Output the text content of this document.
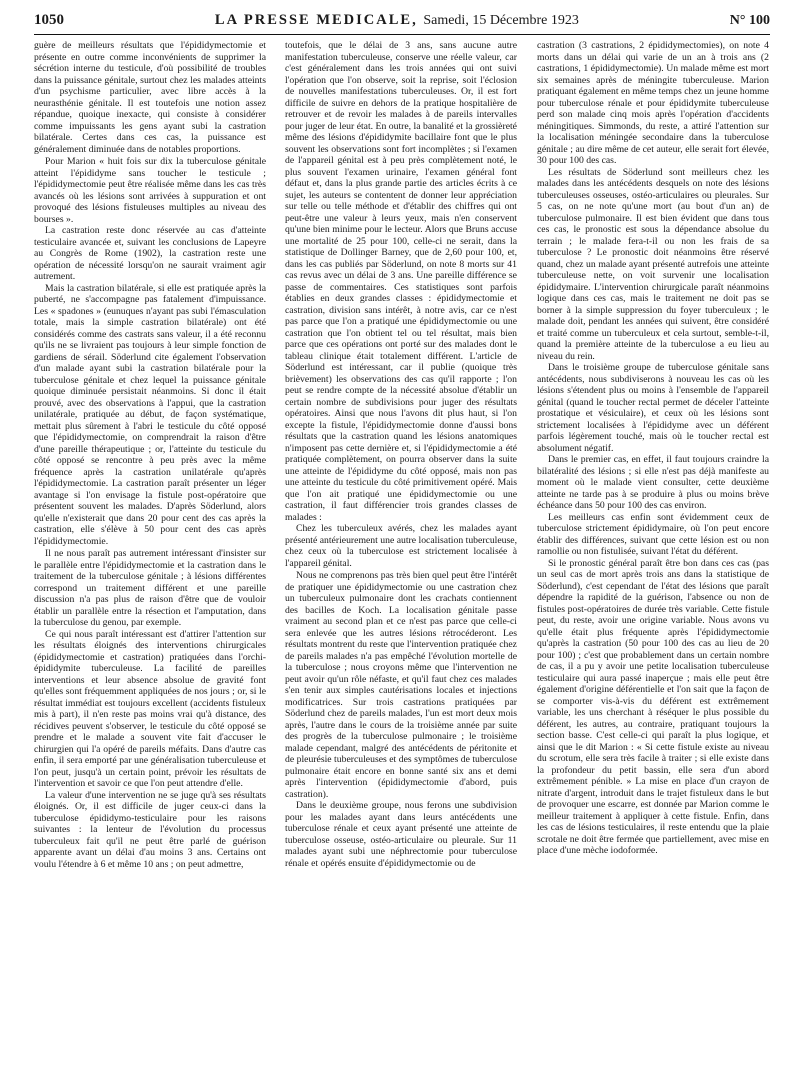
1050	LA PRESSE MEDICALE, Samedi, 15 Décembre 1923	N° 100

guère de meilleurs résultats que l'épididymectomie et présente en outre comme inconvénients de supprimer la sécrétion interne du testicule, d'où possibilité de troubles dans la puissance génitale, surtout chez les malades atteints d'un psychisme particulier, avec libre accès à la neurasthénie génitale. Il est toutefois une notion assez répandue, quoique inexacte, qui consiste à considérer comme impuissants les gens ayant subi la castration bilatérale. Certes dans ces cas, la puissance est généralement diminuée dans de notables proportions.

Pour Marion « huit fois sur dix la tuberculose génitale atteint l'épididyme sans toucher le testicule ; l'épididymectomie peut être réalisée même dans les cas très avancés où les lésions sont arrivées à suppuration et ont provoqué des lésions fistuleuses multiples au niveau des bourses ».

La castration reste donc réservée au cas d'atteinte testiculaire avancée et, suivant les conclusions de Lapeyre au Congrès de Rome (1902), la castration reste une opération de nécessité lorsqu'on ne saurait vraiment agir autrement.

Mais la castration bilatérale, si elle est pratiquée après la puberté, ne s'accompagne pas fatalement d'impuissance. Les « spadones » (eunuques n'ayant pas subi l'émasculation totale, mais la simple castration bilatérale) ont été considérés comme des castrats sans valeur, il a été reconnu qu'ils ne se livraient pas toujours à leur simple fonction de gardiens de sérail. Söderlund cite également l'observation d'un malade ayant subi la castration bilatérale pour la tuberculose génitale et chez lequel la puissance génitale quoique diminuée persistait néanmoins. Si donc il était prouvé, avec des observations à l'appui, que la castration unilatérale, pratiquée au début, de façon systématique, mettait plus sûrement à l'abri le testicule du côté opposé que l'épididymectomie, on comprendrait la raison d'être d'une pareille thérapeutique ; or, l'atteinte du testicule du côté opposé se rencontre à peu près avec la même fréquence après la castration unilatérale qu'après l'épididymectomie. La castration paraît présenter un léger avantage si l'on envisage la fistule post-opératoire que présentent souvent les malades. D'après Söderlund, alors qu'elle n'existerait que dans 20 pour cent des cas après la castration, elle s'élève à 50 pour cent des cas après l'épididymectomie.

Il ne nous paraît pas autrement intéressant d'insister sur le parallèle entre l'épididymectomie et la castration dans le traitement de la tuberculose génitale ; à lésions différentes correspond un traitement différent et une pareille discussion n'a pas plus de raison d'être que de vouloir établir un parallèle entre la résection et l'amputation, dans la tuberculose du genou, par exemple.

Ce qui nous paraît intéressant est d'attirer l'attention sur les résultats éloignés des interventions chirurgicales (épididymectomie et castration) pratiquées dans l'orchi-épididymite tuberculeuse. La facilité de pareilles interventions et leur absence absolue de gravité font qu'elles sont fréquemment appliquées de nos jours ; or, si le résultat immédiat est toujours excellent (accidents fistuleux mis à part), il n'en reste pas moins vrai qu'à distance, des récidives peuvent s'observer, le testicule du côté opposé se prendre et le malade a souvent vite fait d'accuser le chirurgien qui l'a opéré de pareils méfaits. Dans d'autre cas enfin, il sera emporté par une généralisation tuberculeuse et l'on peut, jusqu'à un certain point, prévoir les résultats de l'intervention et savoir ce que l'on peut attendre d'elle.

La valeur d'une intervention ne se juge qu'à ses résultats éloignés. Or, il est difficile de juger ceux-ci dans la tuberculose épididymo-testiculaire pour les raisons suivantes : la lenteur de l'évolution du processus tuberculeux fait qu'il ne peut être parlé de guérison apparente avant un délai d'au moins 3 ans. Certains ont voulu l'étendre à 6 et même 10 ans ; on peut admettre,

toutefois, que le délai de 3 ans, sans aucune autre manifestation tuberculeuse, conserve une réelle valeur, car c'est généralement dans les trois années qui ont suivi l'opération que l'on observe, soit la reprise, soit l'éclosion de nouvelles manifestations tuberculeuses. Or, il est fort difficile de suivre en dehors de la pratique hospitalière de retrouver et de revoir les malades à de pareils intervalles pour juger de leur état. En outre, la banalité et la grossièreté même des lésions d'épididymite bacillaire font que le plus souvent les observations sont fort incomplètes ; si l'examen de l'appareil génital est à peu près complètement noté, le plus souvent l'examen urinaire, l'examen général font défaut et, dans la plus grande partie des articles écrits à ce sujet, les auteurs se contentent de donner leur appréciation sur telle ou telle méthode et d'établir des chiffres qui ont peut-être une valeur à leurs yeux, mais n'en conservent qu'une bien minime pour le lecteur. Alors que Bruns accuse une mortalité de 25 pour 100, celle-ci ne serait, dans la statistique de Dollinger Barney, que de 2,60 pour 100, et, dans les cas publiés par Söderlund, on note 8 morts sur 41 cas revus avec un délai de 3 ans. Une pareille différence se passe de commentaires. Ces statistiques sont parfois établies en deux grandes classes : épididymectomie et castration, division sans intérêt, à notre avis, car ce n'est pas parce que l'on a pratiqué une épididymectomie ou une castration que l'on obtient tel ou tel résultat, mais bien parce que ces opérations ont porté sur des malades dont le tableau clinique était totalement différent. L'article de Söderlund est intéressant, car il publie (quoique très brièvement) les observations des cas qu'il rapporte ; l'on peut se rendre compte de la nécessité absolue d'établir un certain nombre de subdivisions pour juger des résultats opératoires. Ainsi que nous l'avons dit plus haut, si l'on excepte la fistule, l'épididymectomie donne d'aussi bons résultats que la castration quand les lésions anatomiques n'imposent pas cette dernière et, si l'épididymectomie a été pratiquée complètement, on pourra observer dans la suite une atteinte de l'épididyme du côté opposé, mais non pas une atteinte du testicule du côté primitivement opéré. Mais que l'on ait pratiqué une épididymectomie ou une castration, il faut différencier trois grandes classes de malades :

Chez les tuberculeux avérés, chez les malades ayant présenté antérieurement une autre localisation tuberculeuse, chez ceux où la tuberculose est strictement localisée à l'appareil génital.

Nous ne comprenons pas très bien quel peut être l'intérêt de pratiquer une épididymectomie ou une castration chez un tuberculeux pulmonaire dont les crachats contiennent des bacilles de Koch. La localisation génitale passe vraiment au second plan et ce n'est pas parce que celle-ci sera enlevée que les autres lésions rétrocéderont. Les résultats montrent du reste que l'intervention pratiquée chez de pareils malades n'a pas empêché l'évolution mortelle de la tuberculose ; nous croyons même que l'intervention ne peut avoir qu'un rôle néfaste, et qu'il faut chez ces malades s'en tenir aux simples cautérisations locales et injections modificatrices. Sur trois castrations pratiquées par Söderlund chez de pareils malades, l'un est mort deux mois après, l'autre dans le cours de la troisième année par suite des progrès de la tuberculose pulmonaire ; le troisième malade cependant, malgré des antécédents de péritonite et de pleurésie tuberculeuses et des symptômes de tuberculose pulmonaire était encore en bonne santé six ans et demi après l'intervention (épididymectomie d'abord, puis castration).

Dans le deuxième groupe, nous ferons une subdivision pour les malades ayant dans leurs antécédents une tuberculose rénale et ceux ayant présenté une atteinte de tuberculose osseuse, ostéo-articulaire ou pleurale. Sur 11 malades ayant subi une néphrectomie pour tuberculose rénale et opérés ensuite d'épididymectomie ou de

castration (3 castrations, 2 épididymectomies), on note 4 morts dans un délai qui varie de un an à trois ans (2 castrations, 1 épididymectomie). Un malade même est mort six semaines après de méningite tuberculeuse. Marion pratiquant également en même temps chez un jeune homme pour tuberculose rénale et pour épididymite tuberculeuse perd son malade cinq mois après l'opération d'accidents méningitiques. Simmonds, du reste, a attiré l'attention sur la localisation méningée secondaire dans la tuberculose génitale ; au dire même de cet auteur, elle serait fort élevée, 30 pour 100 des cas.

Les résultats de Söderlund sont meilleurs chez les malades dans les antécédents desquels on note des lésions tuberculeuses osseuses, ostéo-articulaires ou pleurales. Sur 5 cas, on ne note qu'une mort (au bout d'un an) de tuberculose pulmonaire. Il est bien évident que dans tous ces cas, le pronostic est sous la dépendance absolue du terrain ; le malade fera-t-il ou non les frais de sa tuberculose ? Le pronostic doit néanmoins être réservé quand, chez un malade ayant présenté autrefois une atteinte tuberculeuse nette, on voit survenir une localisation épididymaire. L'intervention chirurgicale paraît néanmoins logique dans ces cas, mais le traitement ne doit pas se borner à la simple suppression du foyer tuberculeux ; le malade doit, pendant les années qui suivent, être considéré et traité comme un tuberculeux et cela surtout, semble-t-il, quand la première atteinte de la tuberculose a eu lieu au niveau du rein.

Dans le troisième groupe de tuberculose génitale sans antécédents, nous subdiviserons à nouveau les cas où les lésions s'étendent plus ou moins à l'ensemble de l'appareil génital (quand le toucher rectal permet de déceler l'atteinte prostatique et vésiculaire), et ceux où les lésions sont strictement localisées à l'épididyme avec un déférent parfois légèrement touché, mais où le toucher rectal est absolument négatif.

Dans le premier cas, en effet, il faut toujours craindre la bilatéralité des lésions ; si elle n'est pas déjà manifeste au moment où le malade vient consulter, cette deuxième atteinte ne tarde pas à se produire à plus ou moins brève échéance dans 50 pour 100 des cas environ.

Les meilleurs cas enfin sont évidemment ceux de tuberculose strictement épididymaire, où l'on peut encore établir des différences, suivant que cette lésion est ou non ramollie ou non fistulisée, suivant l'état du déférent.

Si le pronostic général paraît être bon dans ces cas (pas un seul cas de mort après trois ans dans la statistique de Söderlund), c'est cependant de l'état des lésions que paraît dépendre la rapidité de la guérison, l'absence ou non de fistules post-opératoires de durée très variable. Cette fistule peut, du reste, avoir une origine variable. Nous avons vu qu'elle était plus fréquente après l'épididymectomie qu'après la castration (50 pour 100 des cas au lieu de 20 pour 100) ; c'est que probablement dans un certain nombre de cas, il a pu y avoir une petite localisation tuberculeuse testiculaire qui aura passé inaperçue ; mais elle peut être également d'origine déférentielle et l'on sait que la façon de se comporter vis-à-vis du déférent est extrêmement variable, les uns cherchant à réséquer le plus possible du déférent, les autres, au contraire, pratiquant toujours la section basse. C'est celle-ci qui paraît la plus logique, et ainsi que le dit Marion : « Si cette fistule existe au niveau du scrotum, elle sera très facile à traiter ; si elle existe dans la profondeur du petit bassin, elle sera d'un abord extrêmement pénible. » La mise en place d'un crayon de nitrate d'argent, introduit dans le trajet fistuleux dans le but de provoquer une escarre, est donnée par Marion comme le meilleur traitement à appliquer à cette fistule. Enfin, dans les cas de lésions testiculaires, il reste entendu que la plaie scrotale ne doit être fermée que partiellement, avec mise en place d'une mèche iodoformée.
